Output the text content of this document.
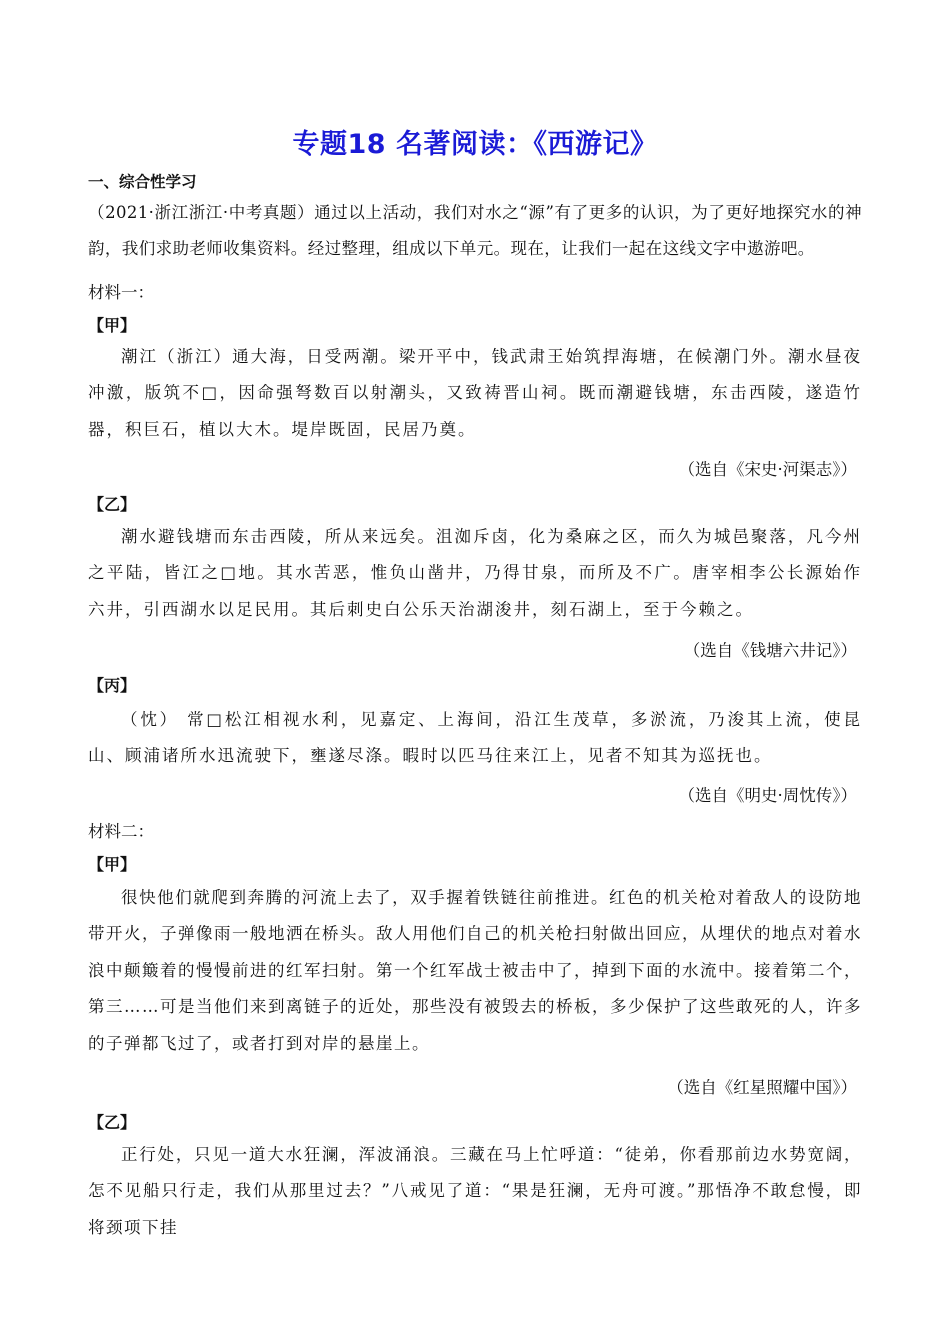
专题18 名著阅读：《西游记》
一、综合性学习
（2021·浙江浙江·中考真题）通过以上活动，我们对水之“源”有了更多的认识，为了更好地探究水的神韵，我们求助老师收集资料。经过整理，组成以下单元。现在，让我们一起在这线文字中遨游吧。
材料一：
【甲】
潮江（浙江）通大海，日受两潮。梁开平中，钱武肃王始筑捍海塘，在候潮门外。潮水昼夜冲激，版筑不□，因命强弩数百以射潮头，又致祷晋山祠。既而潮避钱塘，东击西陵，遂造竹器，积巨石，植以大木。堤岸既固，民居乃奠。
（选自《宋史·河渠志》）
【乙】
潮水避钱塘而东击西陵，所从来远矣。沮洳斥卤，化为桑麻之区，而久为城邑聚落，凡今州之平陆，皆江之□地。其水苦恶，惟负山凿井，乃得甘泉，而所及不广。唐宰相李公长源始作六井，引西湖水以足民用。其后刺史白公乐天治湖浚井，刻石湖上，至于今赖之。
（选自《钱塘六井记》）
【丙】
（忱） 常□松江相视水利，见嘉定、上海间，沿江生茂草，多淤流，乃浚其上流，使昆山、顾浦诸所水迅流驶下，壅遂尽涤。暇时以匹马往来江上，见者不知其为巡抚也。
（选自《明史·周忱传》）
材料二：
【甲】
很快他们就爬到奔腾的河流上去了，双手握着铁链往前推进。红色的机关枪对着敌人的设防地带开火，子弹像雨一般地洒在桥头。敌人用他们自己的机关枪扫射做出回应，从埋伏的地点对着水浪中颠簸着的慢慢前进的红军扫射。第一个红军战士被击中了，掉到下面的水流中。接着第二个，第三……可是当他们来到离链子的近处，那些没有被毁去的桥板，多少保护了这些敢死的人，许多的子弹都飞过了，或者打到对岸的悬崖上。
（选自《红星照耀中国》）
【乙】
正行处，只见一道大水狂澜，浑波涌浪。三藏在马上忙呼道：“徒弟，你看那前边水势宽阔，怎不见船只行走，我们从那里过去？”八戒见了道：“果是狂澜，无舟可渡。”那悟净不敢怠慢，即将颈项下挂
